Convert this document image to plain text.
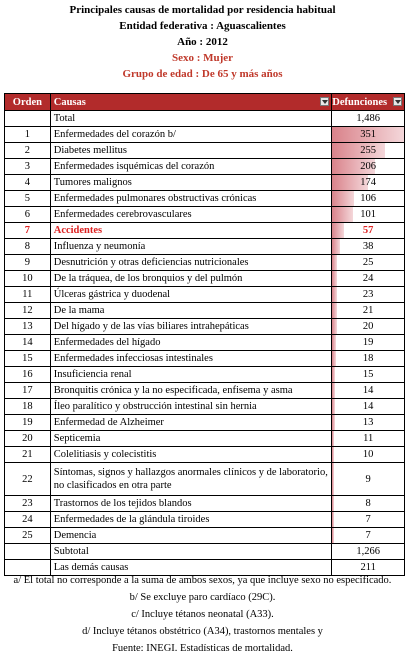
Principales causas de mortalidad por residencia habitual
Entidad federativa : Aguascalientes
Año : 2012
Sexo : Mujer
Grupo de edad : De 65 y más años
Orden	Causas	Defunciones

	Total	1,486
1	Enfermedades del corazón b/	351
2	Diabetes mellitus	255
3	Enfermedades isquémicas del corazón	206
4	Tumores malignos	174
5	Enfermedades pulmonares obstructivas crónicas	106
6	Enfermedades cerebrovasculares	101
7	Accidentes	57
8	Influenza y neumonía	38
9	Desnutrición y otras deficiencias nutricionales	25
10	De la tráquea, de los bronquios y del pulmón	24
11	Úlceras gástrica y duodenal	23
12	De la mama	21
13	Del hígado y de las vías biliares intrahepáticas	20
14	Enfermedades del hígado	19
15	Enfermedades infecciosas intestinales	18
16	Insuficiencia renal	15
17	Bronquitis crónica y la no especificada, enfisema y asma	14
18	Íleo paralítico y obstrucción intestinal sin hernia	14
19	Enfermedad de Alzheimer	13
20	Septicemia	11
21	Colelitiasis y colecistitis	10
22	Síntomas, signos y hallazgos anormales clínicos y de laboratorio, no clasificados en otra parte	9
23	Trastornos de los tejidos blandos	8
24	Enfermedades de la glándula tiroides	7
25	Demencia	7
	Subtotal	1,266
	Las demás causas	211
a/ El total no corresponde a la suma de ambos sexos, ya que incluye sexo no especificado.
b/ Se excluye paro cardíaco (29C).
c/ Incluye tétanos neonatal (A33).
d/ Incluye tétanos obstétrico (A34), trastornos mentales y
Fuente: INEGI. Estadísticas de mortalidad.
